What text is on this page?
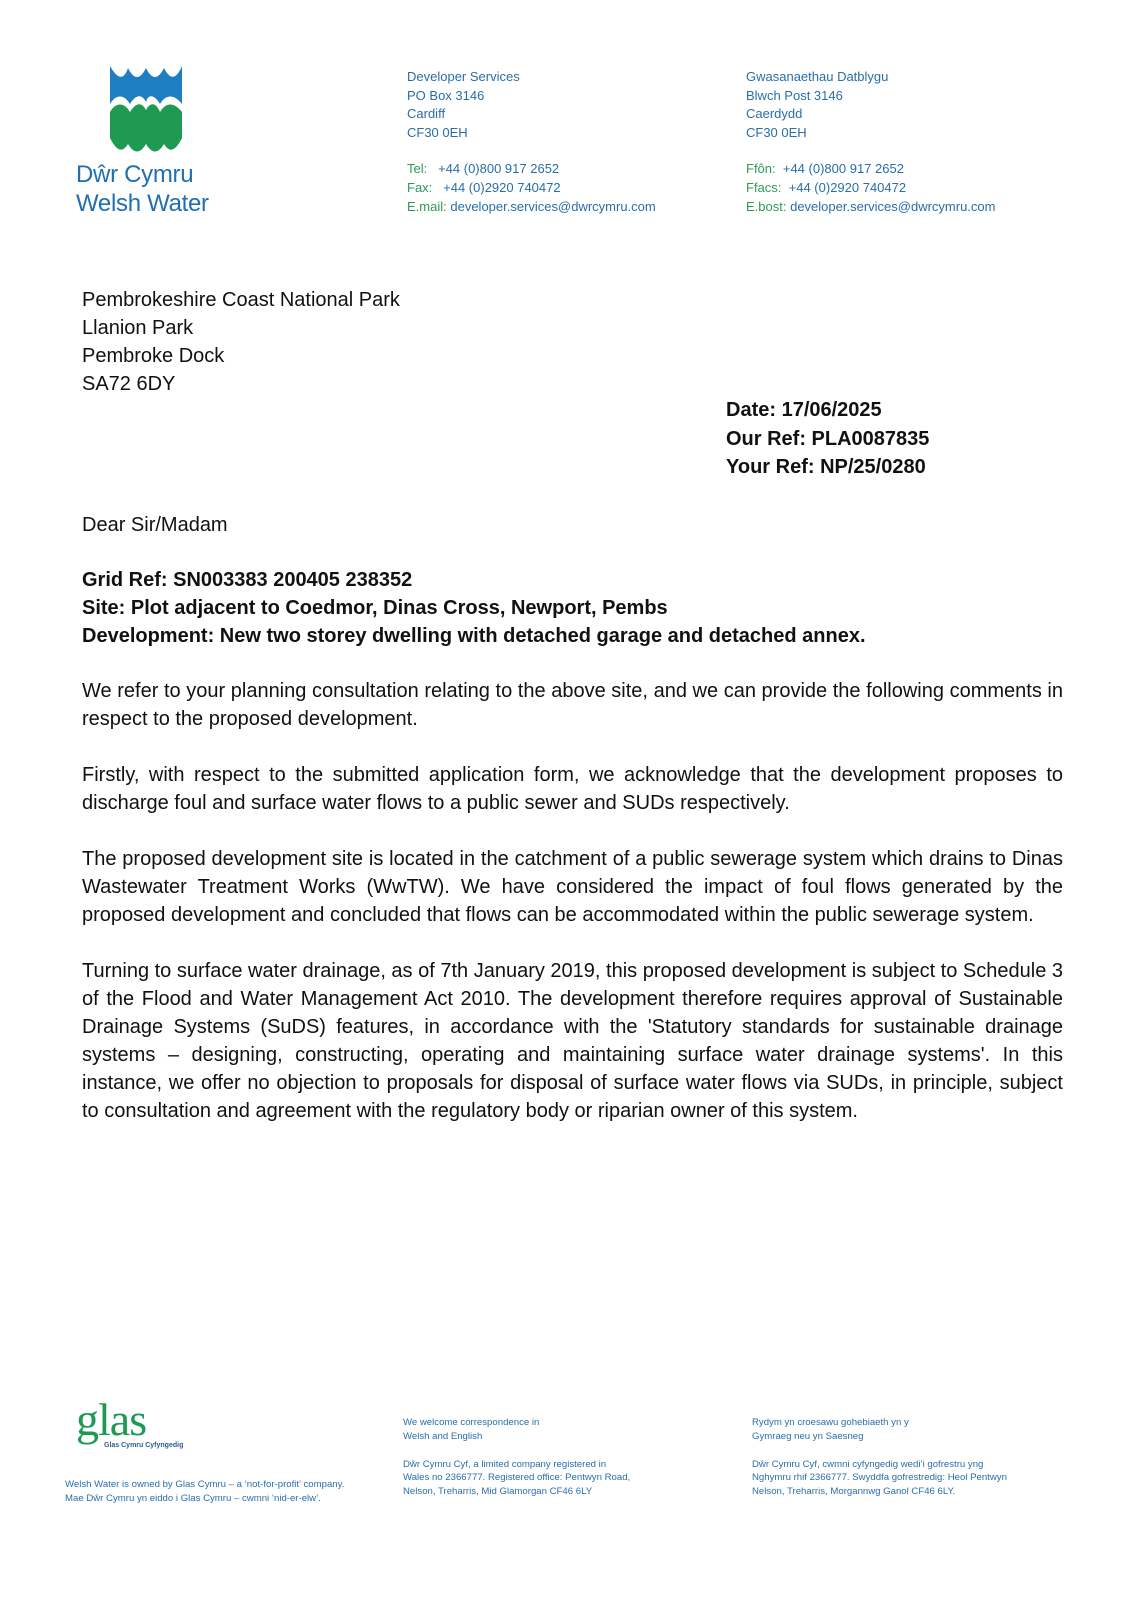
Dŵr Cymru
Welsh Water
Developer Services
PO Box 3146
Cardiff
CF30 0EH
Tel: +44 (0)800 917 2652
Fax: +44 (0)2920 740472
E.mail: developer.services@dwrcymru.com
Gwasanaethau Datblygu
Blwch Post 3146
Caerdydd
CF30 0EH
Ffôn: +44 (0)800 917 2652
Ffacs: +44 (0)2920 740472
E.bost: developer.services@dwrcymru.com
Pembrokeshire Coast National Park
Llanion Park
Pembroke Dock
SA72 6DY
Date: 17/06/2025
Our Ref: PLA0087835
Your Ref: NP/25/0280
Dear Sir/Madam
Grid Ref: SN003383 200405 238352
Site: Plot adjacent to Coedmor, Dinas Cross, Newport, Pembs
Development: New two storey dwelling with detached garage and detached annex.

We refer to your planning consultation relating to the above site, and we can provide the following comments in respect to the proposed development.

Firstly, with respect to the submitted application form, we acknowledge that the development proposes to discharge foul and surface water flows to a public sewer and SUDs respectively.

The proposed development site is located in the catchment of a public sewerage system which drains to Dinas Wastewater Treatment Works (WwTW). We have considered the impact of foul flows generated by the proposed development and concluded that flows can be accommodated within the public sewerage system.

Turning to surface water drainage, as of 7th January 2019, this proposed development is subject to Schedule 3 of the Flood and Water Management Act 2010. The development therefore requires approval of Sustainable Drainage Systems (SuDS) features, in accordance with the 'Statutory standards for sustainable drainage systems – designing, constructing, operating and maintaining surface water drainage systems'. In this instance, we offer no objection to proposals for disposal of surface water flows via SUDs, in principle, subject to consultation and agreement with the regulatory body or riparian owner of this system.

glas
Glas Cymru Cyfyngedig
Welsh Water is owned by Glas Cymru – a ‘not-for-profit’ company.
Mae Dŵr Cymru yn eiddo i Glas Cymru – cwmni ‘nid-er-elw’.
We welcome correspondence in
Welsh and English
Dŵr Cymru Cyf, a limited company registered in
Wales no 2366777. Registered office: Pentwyn Road,
Nelson, Treharris, Mid Glamorgan CF46 6LY
Rydym yn croesawu gohebiaeth yn y
Gymraeg neu yn Saesneg
Dŵr Cymru Cyf, cwmni cyfyngedig wedi’i gofrestru yng
Nghymru rhif 2366777. Swyddfa gofrestredig: Heol Pentwyn
Nelson, Treharris, Morgannwg Ganol CF46 6LY.
